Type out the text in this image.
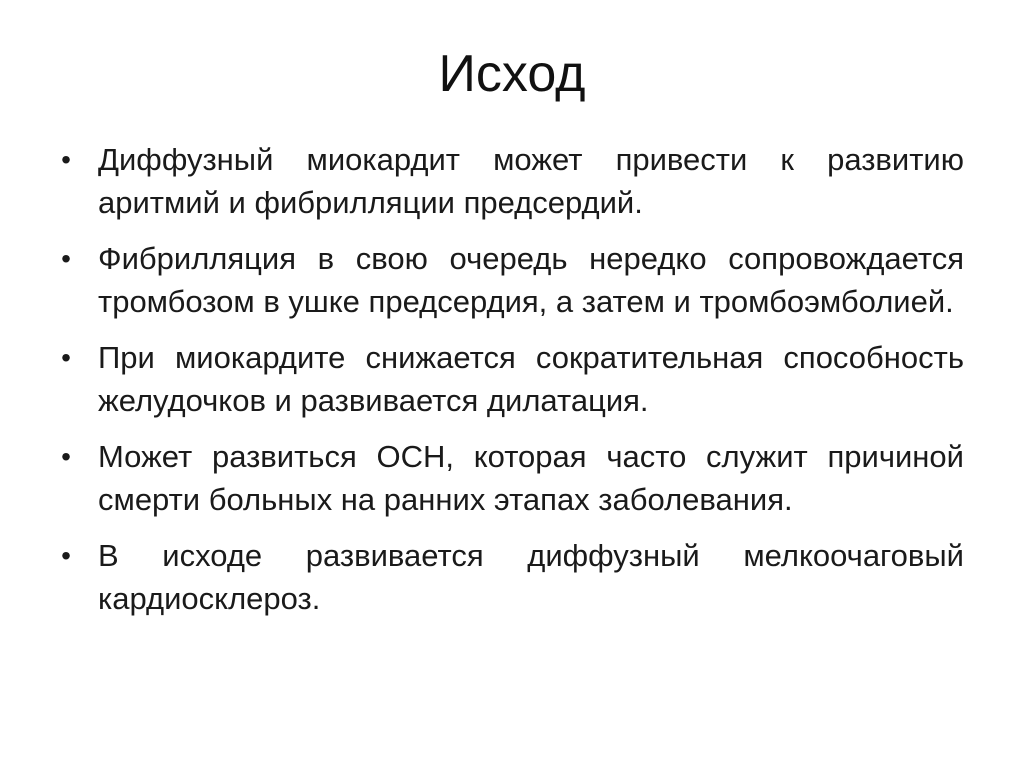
Исход
• Диффузный миокардит может привести к развитию аритмий и фибрилляции предсердий.
• Фибрилляция в свою очередь нередко сопровождается тромбозом в ушке предсердия, а затем и тромбоэмболией.
• При миокардите снижается сократительная способность желудочков и развивается дилатация.
• Может развиться ОСН, которая часто служит причиной смерти больных на ранних этапах заболевания.
• В исходе развивается диффузный мелкоочаговый кардиосклероз.
